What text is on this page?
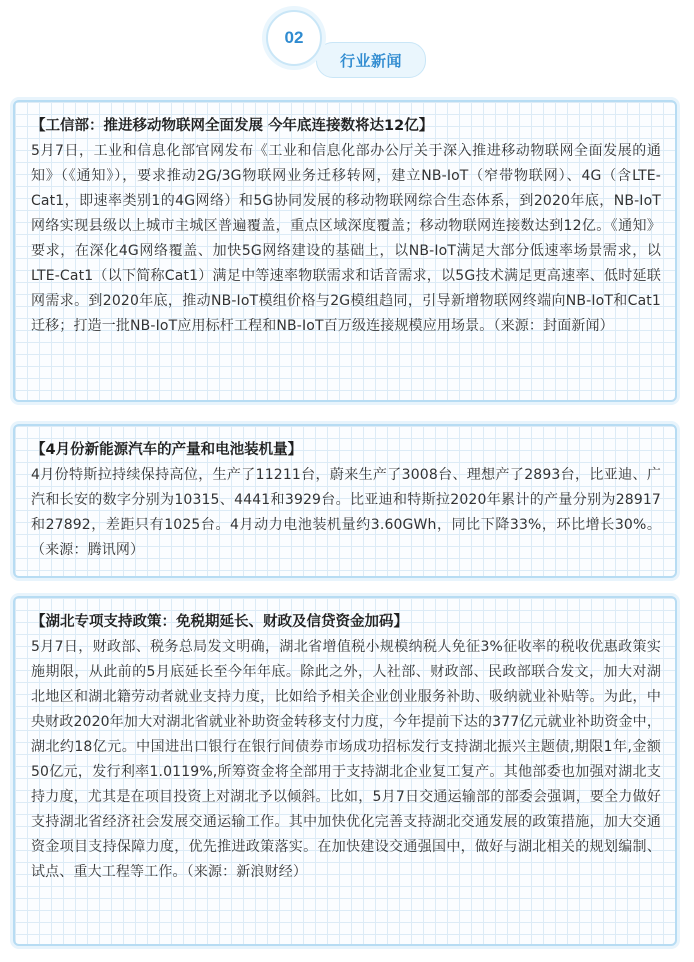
02
行业新闻
【工信部：推进移动物联网全面发展 今年底连接数将达12亿】
5月7日，工业和信息化部官网发布《工业和信息化部办公厅关于深入推进移动物联网全面发展的通知》（《通知》），要求推动2G/3G物联网业务迁移转网，建立NB-IoT（窄带物联网）、4G（含LTE-Cat1，即速率类别1的4G网络）和5G协同发展的移动物联网综合生态体系，到2020年底，NB-IoT网络实现县级以上城市主城区普遍覆盖，重点区域深度覆盖；移动物联网连接数达到12亿。《通知》要求，在深化4G网络覆盖、加快5G网络建设的基础上，以NB-IoT满足大部分低速率场景需求，以LTE-Cat1（以下简称Cat1）满足中等速率物联需求和话音需求，以5G技术满足更高速率、低时延联网需求。到2020年底，推动NB-IoT模组价格与2G模组趋同，引导新增物联网终端向NB-IoT和Cat1迁移；打造一批NB-IoT应用标杆工程和NB-IoT百万级连接规模应用场景。（来源：封面新闻）
【4月份新能源汽车的产量和电池装机量】
4月份特斯拉持续保持高位，生产了11211台，蔚来生产了3008台、理想产了2893台，比亚迪、广汽和长安的数字分别为10315、4441和3929台。比亚迪和特斯拉2020年累计的产量分别为28917和27892，差距只有1025台。4月动力电池装机量约3.60GWh，同比下降33%，环比增长30%。（来源：腾讯网）
【湖北专项支持政策：免税期延长、财政及信贷资金加码】
5月7日，财政部、税务总局发文明确，湖北省增值税小规模纳税人免征3%征收率的税收优惠政策实施期限，从此前的5月底延长至今年年底。除此之外，人社部、财政部、民政部联合发文，加大对湖北地区和湖北籍劳动者就业支持力度，比如给予相关企业创业服务补助、吸纳就业补贴等。为此，中央财政2020年加大对湖北省就业补助资金转移支付力度，今年提前下达的377亿元就业补助资金中，湖北约18亿元。中国进出口银行在银行间债券市场成功招标发行支持湖北振兴主题债,期限1年,金额50亿元，发行利率1.0119%,所筹资金将全部用于支持湖北企业复工复产。其他部委也加强对湖北支持力度，尤其是在项目投资上对湖北予以倾斜。比如，5月7日交通运输部的部委会强调，要全力做好支持湖北省经济社会发展交通运输工作。其中加快优化完善支持湖北交通发展的政策措施，加大交通资金项目支持保障力度，优先推进政策落实。在加快建设交通强国中，做好与湖北相关的规划编制、试点、重大工程等工作。（来源：新浪财经）
